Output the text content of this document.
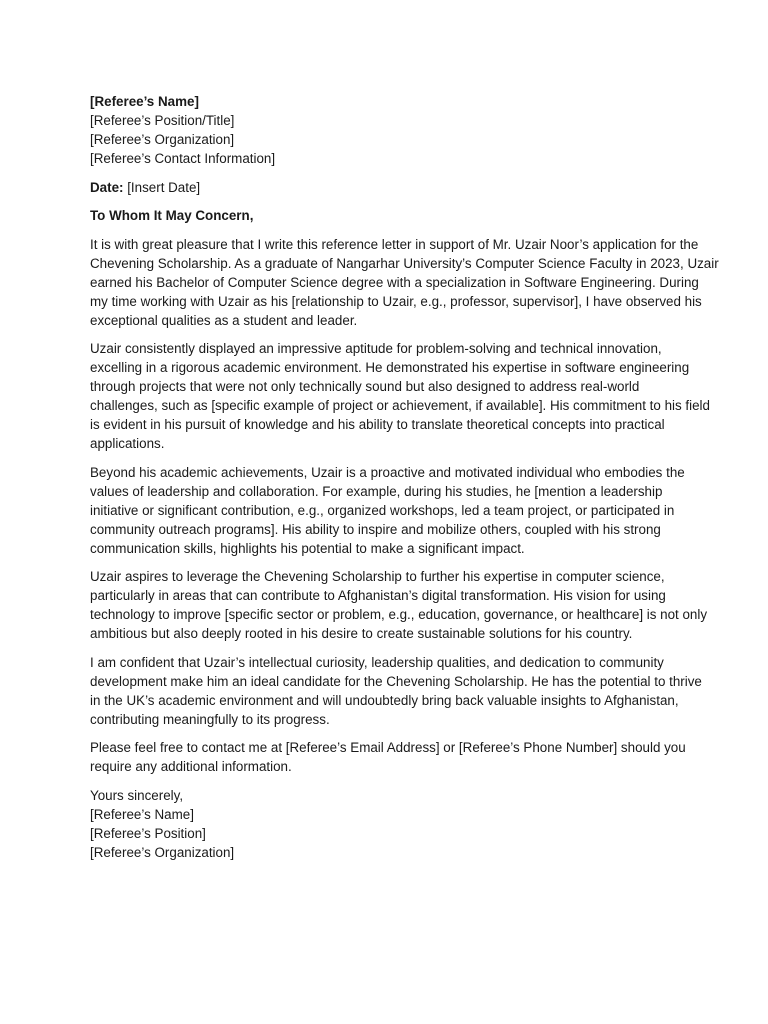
[Referee’s Name]
[Referee’s Position/Title]
[Referee’s Organization]
[Referee’s Contact Information]
Date: [Insert Date]
To Whom It May Concern,
It is with great pleasure that I write this reference letter in support of Mr. Uzair Noor’s application for the
Chevening Scholarship. As a graduate of Nangarhar University’s Computer Science Faculty in 2023, Uzair
earned his Bachelor of Computer Science degree with a specialization in Software Engineering. During
my time working with Uzair as his [relationship to Uzair, e.g., professor, supervisor], I have observed his
exceptional qualities as a student and leader.
Uzair consistently displayed an impressive aptitude for problem-solving and technical innovation,
excelling in a rigorous academic environment. He demonstrated his expertise in software engineering
through projects that were not only technically sound but also designed to address real-world
challenges, such as [specific example of project or achievement, if available]. His commitment to his field
is evident in his pursuit of knowledge and his ability to translate theoretical concepts into practical
applications.
Beyond his academic achievements, Uzair is a proactive and motivated individual who embodies the
values of leadership and collaboration. For example, during his studies, he [mention a leadership
initiative or significant contribution, e.g., organized workshops, led a team project, or participated in
community outreach programs]. His ability to inspire and mobilize others, coupled with his strong
communication skills, highlights his potential to make a significant impact.
Uzair aspires to leverage the Chevening Scholarship to further his expertise in computer science,
particularly in areas that can contribute to Afghanistan’s digital transformation. His vision for using
technology to improve [specific sector or problem, e.g., education, governance, or healthcare] is not only
ambitious but also deeply rooted in his desire to create sustainable solutions for his country.
I am confident that Uzair’s intellectual curiosity, leadership qualities, and dedication to community
development make him an ideal candidate for the Chevening Scholarship. He has the potential to thrive
in the UK’s academic environment and will undoubtedly bring back valuable insights to Afghanistan,
contributing meaningfully to its progress.
Please feel free to contact me at [Referee’s Email Address] or [Referee’s Phone Number] should you
require any additional information.
Yours sincerely,
[Referee’s Name]
[Referee’s Position]
[Referee’s Organization]
